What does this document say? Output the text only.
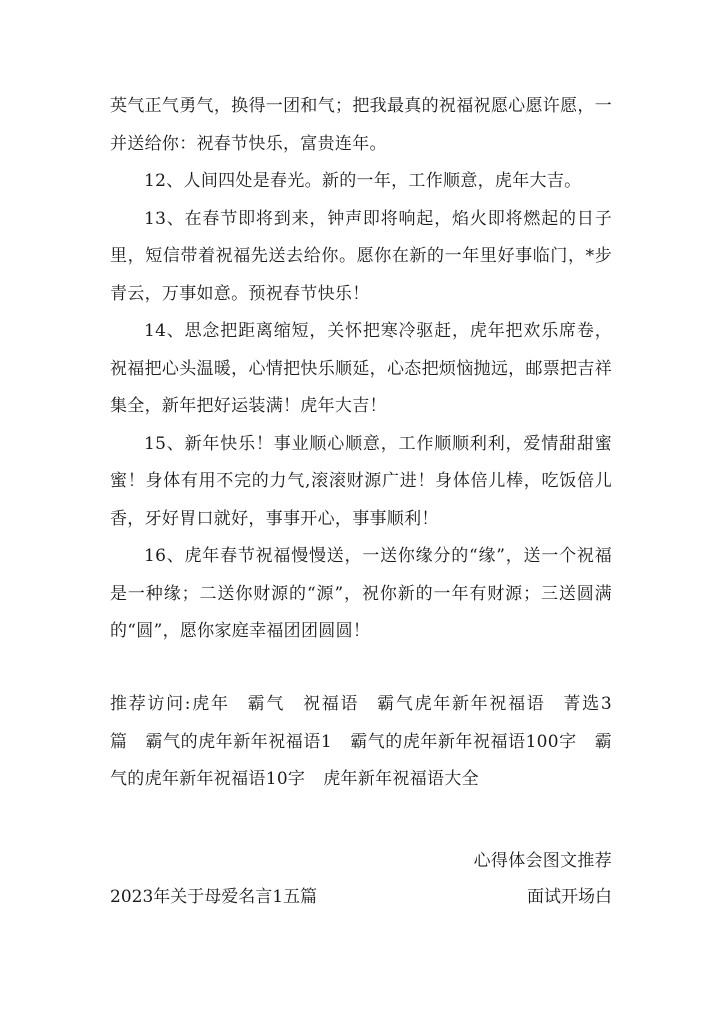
英气正气勇气，换得一团和气；把我最真的祝福祝愿心愿许愿，一并送给你：祝春节快乐，富贵连年。

12、人间四处是春光。新的一年，工作顺意，虎年大吉。

13、在春节即将到来，钟声即将响起，焰火即将燃起的日子里，短信带着祝福先送去给你。愿你在新的一年里好事临门，*步青云，万事如意。预祝春节快乐！

14、思念把距离缩短，关怀把寒冷驱赶，虎年把欢乐席卷，祝福把心头温暖，心情把快乐顺延，心态把烦恼抛远，邮票把吉祥集全，新年把好运装满！虎年大吉！

15、新年快乐！事业顺心顺意，工作顺顺利利，爱情甜甜蜜蜜！身体有用不完的力气,滚滚财源广进！身体倍儿棒，吃饭倍儿香，牙好胃口就好，事事开心，事事顺利！

16、虎年春节祝福慢慢送，一送你缘分的“缘”，送一个祝福是一种缘；二送你财源的“源”，祝你新的一年有财源；三送圆满的“圆”，愿你家庭幸福团团圆圆！

推荐访问:虎年 霸气 祝福语 霸气虎年新年祝福语 菁选3篇 霸气的虎年新年祝福语1 霸气的虎年新年祝福语100字 霸气的虎年新年祝福语10字 虎年新年祝福语大全
心得体会图文推荐
2023年关于母爱名言1五篇	面试开场白
